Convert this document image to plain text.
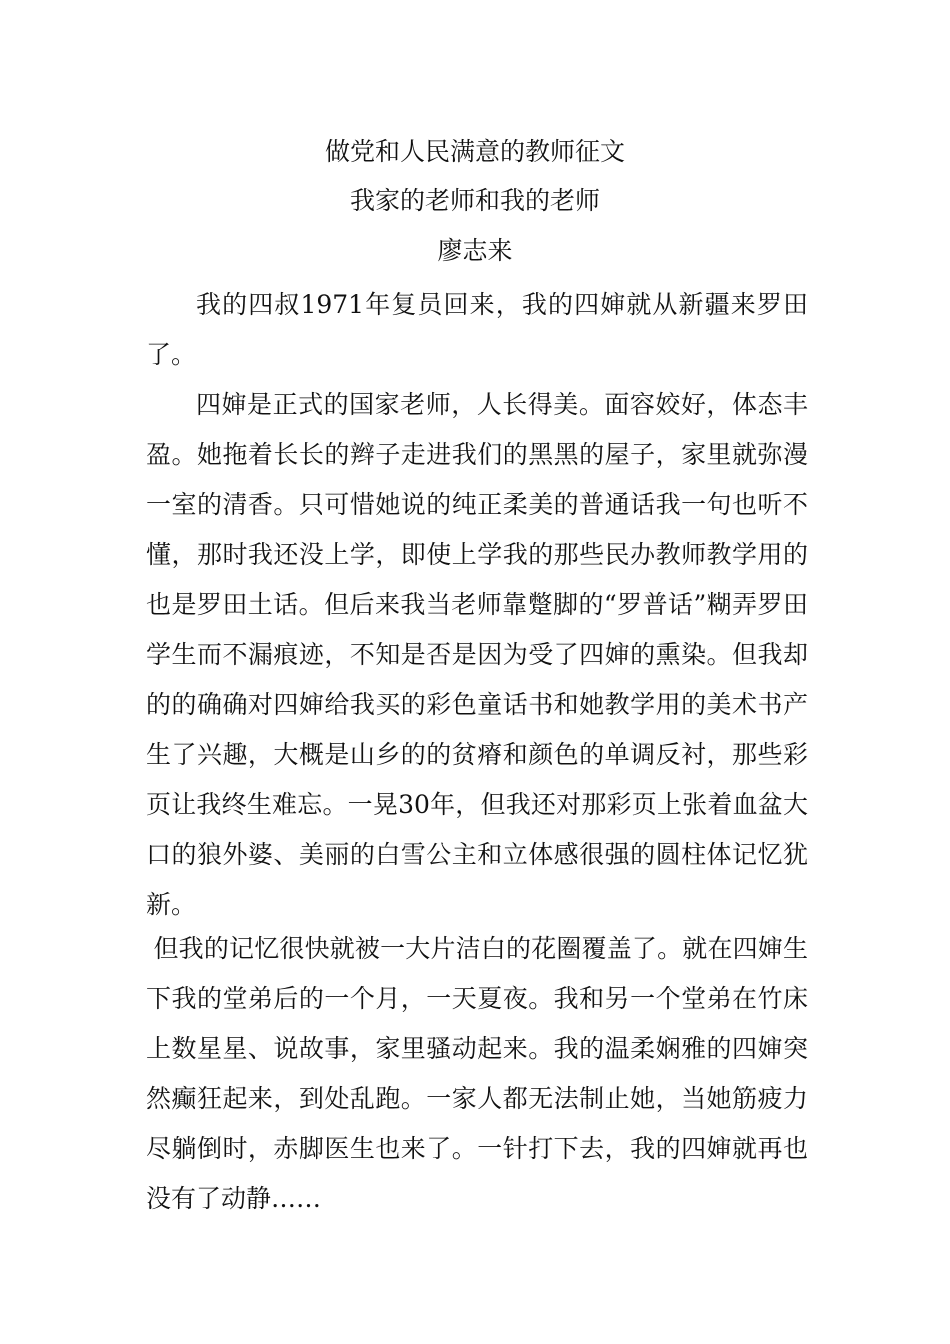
做党和人民满意的教师征文
我家的老师和我的老师
廖志来

我的四叔1971年复员回来，我的四婶就从新疆来罗田了。

四婶是正式的国家老师，人长得美。面容姣好，体态丰盈。她拖着长长的辫子走进我们的黑黑的屋子，家里就弥漫一室的清香。只可惜她说的纯正柔美的普通话我一句也听不懂，那时我还没上学，即使上学我的那些民办教师教学用的也是罗田土话。但后来我当老师靠蹩脚的“罗普话”糊弄罗田学生而不漏痕迹，不知是否是因为受了四婶的熏染。但我却的的确确对四婶给我买的彩色童话书和她教学用的美术书产生了兴趣，大概是山乡的的贫瘠和颜色的单调反衬，那些彩页让我终生难忘。一晃30年，但我还对那彩页上张着血盆大口的狼外婆、美丽的白雪公主和立体感很强的圆柱体记忆犹新。

但我的记忆很快就被一大片洁白的花圈覆盖了。就在四婶生下我的堂弟后的一个月，一天夏夜。我和另一个堂弟在竹床上数星星、说故事，家里骚动起来。我的温柔娴雅的四婶突然癫狂起来，到处乱跑。一家人都无法制止她，当她筋疲力尽躺倒时，赤脚医生也来了。一针打下去，我的四婶就再也没有了动静……
